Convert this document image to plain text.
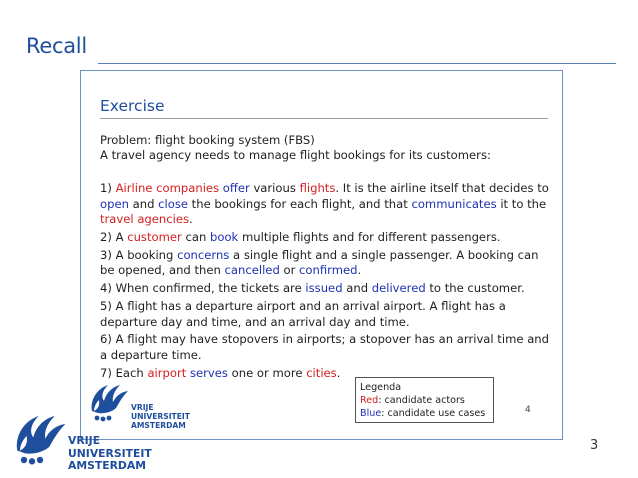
Recall
Exercise
Problem: flight booking system (FBS)
A travel agency needs to manage flight bookings for its customers:

1) Airline companies offer various flights. It is the airline itself that decides to open and close the bookings for each flight, and that communicates it to the travel agencies.

2) A customer can book multiple flights and for different passengers.

3) A booking concerns a single flight and a single passenger. A booking can be opened, and then cancelled or confirmed.

4) When confirmed, the tickets are issued and delivered to the customer.

5) A flight has a departure airport and an arrival airport. A flight has a departure day and time, and an arrival day and time.

6) A flight may have stopovers in airports; a stopover has an arrival time and a departure time.

7) Each airport serves one or more cities.

VRIJE
UNIVERSITEIT
AMSTERDAM
Legenda
Red: candidate actors
Blue: candidate use cases	4
VRIJE
UNIVERSITEIT
AMSTERDAM
3
